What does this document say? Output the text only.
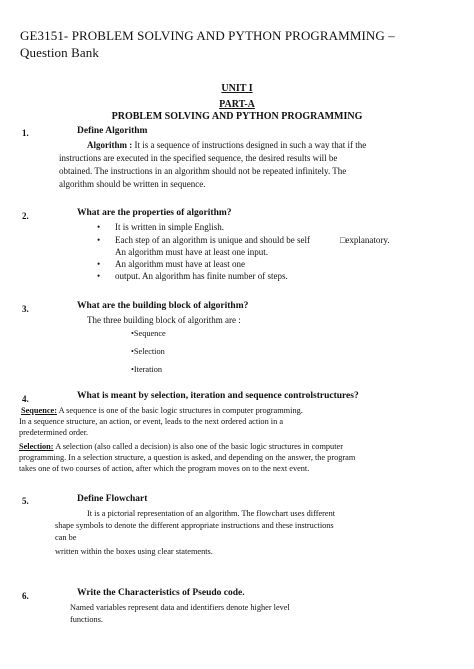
GE3151- PROBLEM SOLVING AND PYTHON PROGRAMMING –
Question Bank
UNIT I
PART-A
PROBLEM SOLVING AND PYTHON PROGRAMMING
1.	Define Algorithm
Algorithm : It is a sequence of instructions designed in such a way that if the
instructions are executed in the specified sequence, the desired results will be
obtained. The instructions in an algorithm should not be repeated infinitely. The
algorithm should be written in sequence.
2.	What are the properties of algorithm?
• It is written in simple English.
• Each step of an algorithm is unique and should be self	□explanatory.
An algorithm must have at least one input.
• An algorithm must have at least one
• output. An algorithm has finite number of steps.
3.	What are the building block of algorithm?
The three building block of algorithm are :
•Sequence
•Selection
•Iteration
4.	What is meant by selection, iteration and sequence controlstructures?
Sequence: A sequence is one of the basic logic structures in computer programming.
In a sequence structure, an action, or event, leads to the next ordered action in a
predetermined order.
Selection: A selection (also called a decision) is also one of the basic logic structures in computer
programming. In a selection structure, a question is asked, and depending on the answer, the program
takes one of two courses of action, after which the program moves on to the next event.
5.	Define Flowchart
It is a pictorial representation of an algorithm. The flowchart uses different
shape symbols to denote the different appropriate instructions and these instructions
can be
written within the boxes using clear statements.
6.	Write the Characteristics of Pseudo code.
Named variables represent data and identifiers denote higher level
functions.
